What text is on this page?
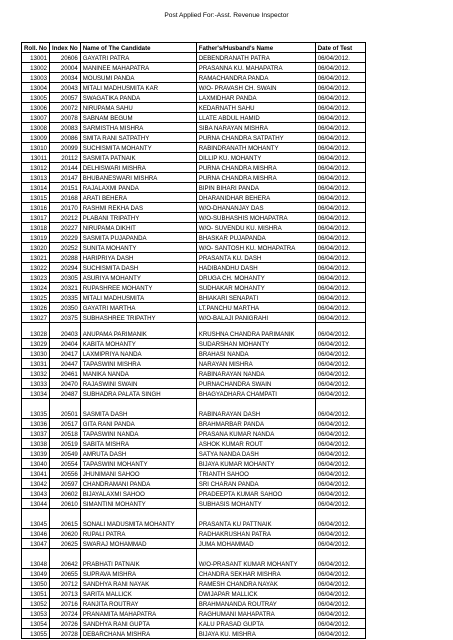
Post Applied For:-Asst. Revenue Inspector
Roll. No	Index No	Name of The Candidate	Father's/Husband's Name	Date of Test
13001	20606	GAYATRI PATRA	DEBENDRANATH PATRA	06/04/2012.
13002	20004	MANINEE MAHAPATRA	PRASANNA KU. MAHAPATRA	06/04/2012.
13003	20034	MOUSUMI PANDA	RAMACHANDRA PANDA	06/04/2012.
13004	20043	MITALI MADHUSMITA KAR	W/O- PRAVASH CH. SWAIN	06/04/2012.
13005	20057	SWAGATIKA PANDA	LAXMIDHAR PANDA	06/04/2012.
13006	20072	NIRUPAMA SAHU	KEDARNATH SAHU	06/04/2012.
13007	20078	SABNAM BEGUM	LLATE ABDUL HAMID	06/04/2012.
13008	20083	SARMISTHA MISHRA	SIBA NARAYAN MISHRA	06/04/2012.
13009	20086	SMITA RANI SATPATHY	PURNA CHANDRA SATPATHY	06/04/2012.
13010	20099	SUCHISMITA MOHANTY	RABINDRANATH MOHANTY	06/04/2012.
13011	20112	SASMITA PATNAIK	DILLIP KU. MOHANTY	06/04/2012.
13012	20144	DELHISWARI MISHRA	PURNA CHANDRA MISHRA	06/04/2012.
13013	20147	BHUBANESWARI MISHRA	PURNA CHANDRA MISHRA	06/04/2012.
13014	20151	RAJALAXMI PANDA	BIPIN BIHARI PANDA	06/04/2012.
13015	20168	ARATI BEHERA	DHARANIDHAR BEHERA	06/04/2012.
13016	20170	RASHMI REKHA DAS	W/O-DHANANJAY DAS	06/04/2012.
13017	20212	PLABANI TRIPATHY	W/O-SUBHASHIS MOHAPATRA	06/04/2012.
13018	20227	NIRUPAMA DIKHIT	W/O- SUVENDU KU. MISHRA	06/04/2012.
13019	20229	SASMITA PUJAPANDA	BHASKAR PUJAPANDA	06/04/2012.
13020	20252	SUNITA MOHANTY	W/O- SANTOSH KU. MOHAPATRA	06/04/2012.
13021	20288	HARIPRIYA DASH	PRASANTA KU. DASH	06/04/2012.
13022	20294	SUCHISMITA DASH	HADIBANDHU DASH	06/04/2012.
13023	20305	ASURIYA MOHANTY	DRUGA CH. MOHANTY	06/04/2012.
13024	20321	RUPASHREE MOHANTY	SUDHAKAR MOHANTY	06/04/2012.
13025	20335	MITALI MADHUSMITA	BHIAKARI SENAPATI	06/04/2012.
13026	20350	GAYATRI MARTHA	LT.PANCHU MARTHA	06/04/2012.
13027	20375	SUBHASHREE TRIPATHY	W/O-BALAJI PANIGRAHI	06/04/2012.
13028	20403	ANUPAMA PARIMANIK	KRUSHNA CHANDRA PARIMANIK	06/04/2012.
13029	20404	KABITA MOHANTY	SUDARSHAN MOHANTY	06/04/2012.
13030	20417	LAXMIPRIYA NANDA	BRAHASI NANDA	06/04/2012.
13031	20447	TAPASWINI MISHRA	NARAYAN MISHRA	06/04/2012.
13032	20461	MANIKA NANDA	RABINARAYAN NANDA	06/04/2012.
13033	20470	RAJASWINI SWAIN	PURNACHANDRA SWAIN	06/04/2012.
13034	20487	SUBHADRA PALATA SINGH	BHAGYADHARA CHAMPATI	06/04/2012.
13035	20501	SASMITA DASH	RABINARAYAN DASH	06/04/2012.
13036	20517	GITA RANI PANDA	BRAHMARBAR PANDA	06/04/2012.
13037	20518	TAPASWINI NANDA	PRASANA KUMAR NANDA	06/04/2012.
13038	20519	SABITA MISHRA	ASHOK KUMAR ROUT	06/04/2012.
13039	20549	AMRUTA DASH	SATYA NANDA DASH	06/04/2012.
13040	20554	TAPASWINI MOHANTY	BIJAYA KUMAR MOHANTY	06/04/2012.
13041	20556	JHUNIMANI SAHOO	TRIANTH SAHOO	06/04/2012.
13042	20597	CHANDRAMANI PANDA	SRI CHARAN PANDA	06/04/2012.
13043	20602	BIJAYALAXMI SAHOO	PRADEEPTA KUMAR SAHOO	06/04/2012.
13044	20610	SIMANTINI MOHANTY	SUBHASIS MOHANTY	06/04/2012.
13045	20615	SONALI MADUSMITA MOHANTY	PRASANTA KU PATTNAIK	06/04/2012.
13046	20620	RUPALI PATRA	RADHAKRUSHAN PATRA	06/04/2012.
13047	20625	SWARAJ MOHAMMAD	JUMA MOHAMMAD	06/04/2012.
13048	20642	PRABHATI PATNAIK	W/O-PRASANT KUMAR MOHANTY	06/04/2012.
13049	20655	SUPRAVA MISHRA	CHANDRA SEKHAR MISHRA	06/04/2012.
13050	20712	SANDHYA RANI NAYAK	RAMESH CHANDRA NAYAK	06/04/2012.
13051	20713	SARITA MALLICK	DWIJAPAR MALLICK	06/04/2012.
13052	20716	RANJITA ROUTRAY	BRAHMANANDA ROUTRAY	06/04/2012.
13053	20724	PRANAMITA MAHAPATRA	RAGHUMANI MAHAPATRA	06/04/2012.
13054	20726	SANDHYA RANI GUPTA	KALU PRASAD GUPTA	06/04/2012.
13055	20728	DEBARCHANA MISHRA	BIJAYA KU. MISHRA	06/04/2012.
